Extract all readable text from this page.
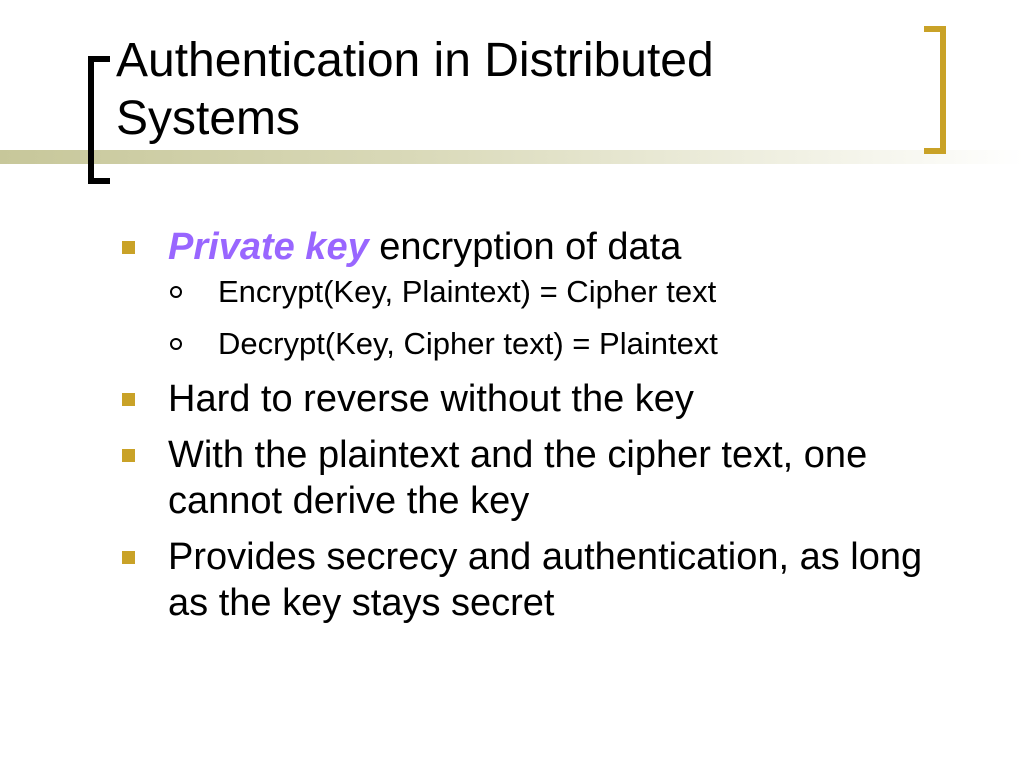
Authentication in Distributed Systems
Private key encryption of data
Encrypt(Key, Plaintext) = Cipher text
Decrypt(Key, Cipher text) = Plaintext
Hard to reverse without the key
With the plaintext and the cipher text, one cannot derive the key
Provides secrecy and authentication, as long as the key stays secret
